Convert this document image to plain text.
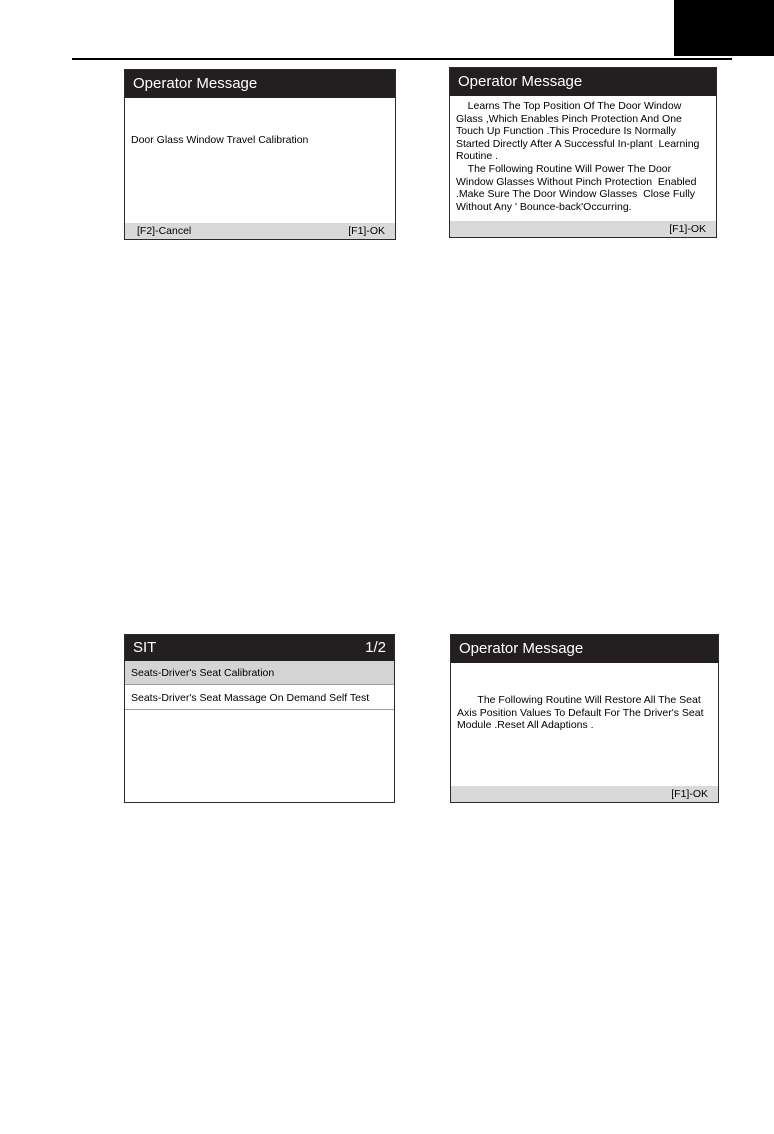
Operator Message
Door Glass Window Travel Calibration
[F2]-Cancel	[F1]-OK
Operator Message
Learns The Top Position Of The Door Window Glass ,Which Enables Pinch Protection And One Touch Up Function .This Procedure Is Normally Started Directly After A Successful In-plant  Learning Routine .
The Following Routine Will Power The Door Window Glasses Without Pinch Protection  Enabled .Make Sure The Door Window Glasses  Close Fully Without Any ' Bounce-back'Occurring.
[F1]-OK
SIT	1/2
Seats-Driver's Seat Calibration
Seats-Driver's Seat Massage On Demand Self Test
Operator Message
The Following Routine Will Restore All The Seat Axis Position Values To Default For The Driver's Seat Module .Reset All Adaptions .
[F1]-OK
